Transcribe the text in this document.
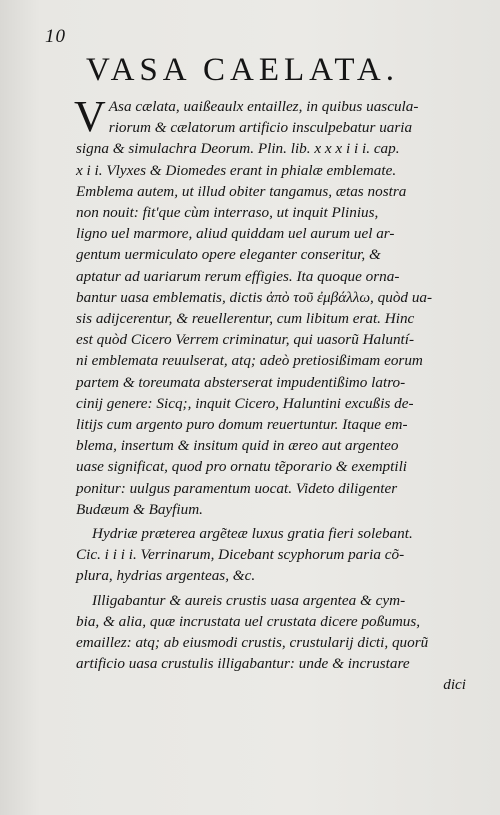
10
VASA CAELATA.
V Asa cælata, uaißeaulx entaillez, in quibus uascula-
riorum & cælatorum artificio insculpebatur uaria
signa & simulachra Deorum. Plin. lib. x x x i i i. cap.
x i i. Vlyxes & Diomedes erant in phialæ emblemate.
Emblema autem, ut illud obiter tangamus, ætas nostra
non nouit: fit'que cùm interraso, ut inquit Plinius,
ligno uel marmore, aliud quiddam uel aurum uel ar-
gentum uermiculato opere eleganter conseritur, &
aptatur ad uariarum rerum effigies. Ita quoque orna-
bantur uasa emblematis, dictis ἀπὸ τοῦ ἐμβάλλω, quòd ua-
sis adijcerentur, & reuellerentur, cum libitum erat. Hinc
est quòd Cicero Verrem criminatur, qui uasorũ Haluntí-
ni emblemata reuulserat, atq; adeò pretiosißimam eorum
partem & toreumata absterserat impudentißimo latro-
cinij genere: Sicq;, inquit Cicero, Haluntini excußis de-
litijs cum argento puro domum reuertuntur. Itaque em-
blema, insertum & insitum quid in æreo aut argenteo
uase significat, quod pro ornatu tẽporario & exemptili
ponitur: uulgus paramentum uocat. Videto diligenter
Budæum & Bayfium.
Hydriæ præterea argẽteæ luxus gratia fieri solebant.
Cic. i i i i. Verrinarum, Dicebant scyphorum paria cõ-
plura, hydrias argenteas, &c.
Illigabantur & aureis crustis uasa argentea & cym-
bia, & alia, quæ incrustata uel crustata dicere poßumus,
emaillez: atq; ab eiusmodi crustis, crustularij dicti, quorũ
artificio uasa crustulis illigabantur: unde & incrustare
dici
